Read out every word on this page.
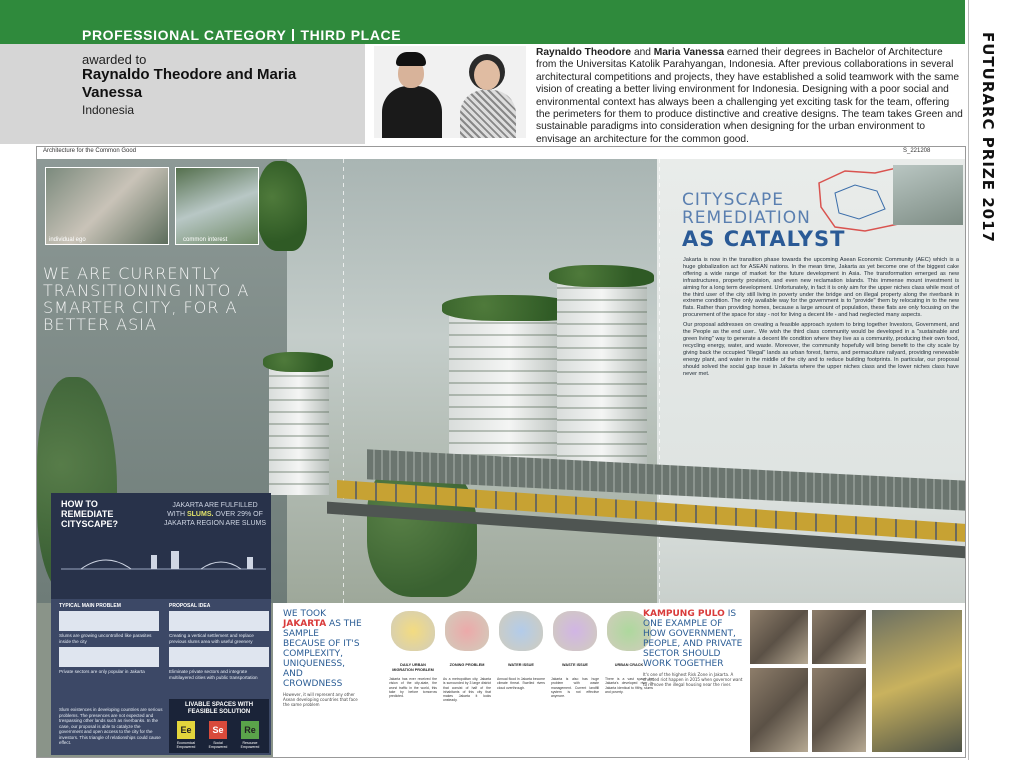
PROFESSIONAL CATEGORY THIRD PLACE	FUTURARC PRIZE 2017
awarded to
Raynaldo Theodore and Maria Vanessa
Indonesia
Raynaldo Theodore and Maria Vanessa earned their degrees in Bachelor of Architecture from the Universitas Katolik Parahyangan, Indonesia. After previous collaborations in several architectural competitions and projects, they have established a solid teamwork with the same vision of creating a better living environment for Indonesia. Designing with a poor social and environmental context has always been a challenging yet exciting task for the team, offering the perimeters for them to produce distinctive and creative designs. The team takes Green and sustainable paradigms into consideration when designing for the urban environment to envisage an architecture for the common good.
Architecture for the Common Good	S_221208
individual ego	common interest
WE ARE CURRENTLY TRANSITIONING INTO A SMARTER CITY, FOR A BETTER ASIA
CITYSCAPE
REMEDIATION
AS CATALYST

Jakarta is now in the transition phase towards the upcoming Asean Economic Community (AEC) which is a huge globalization act for ASEAN nations. In the mean time, Jakarta as yet become one of the biggest cake offering a wide range of market for the future development in Asia. The transformation emerged as new infrastructures, property provision, and even new reclamation islands. This immense mount investment is aiming for a long term development. Unfortunately, in fact it is only aim for the upper niches class while most of the third user of the city still living in poverty under the bridge and on illegal property along the riverbank in extreme condition. The only available way for the government is to "provide" them by relocating in to the new flats. Rather than providing homes, because a large amount of population, these flats are only focusing on the procurement of the space for stay - not for living a decent life - and had neglected many aspects.

Our proposal addresses on creating a feasible approach system to bring together Investors, Government, and the People as the end user.. We wish the third class community would be developed in a "sustainable and green living" way to generate a decent life condition where they live as a community, producing their own food, recycling energy, water, and waste. Moreover, the community hopefully will bring benefit to the city scale by giving back the occupied "illegal" lands as urban forest, farms, and permaculture railyard, providing renewable energy plant, and water in the middle of the city and to reduce building footprints. In particular, our proposal should solved the social gap issue in Jakarta where the upper niches class and the lower niches class have never met.

HOW TO REMEDIATE CITYSCAPE?
JAKARTA ARE FULFILLED WITH SLUMS. OVER 29% OF JAKARTA REGION ARE SLUMS
TYPICAL MAIN PROBLEM	PROPOSAL IDEA
Slums are growing uncontrolled like parasites inside the city
Private sectors are only popular in Jakarta
Creating a vertical settlement and replace previous slums area with useful greenery
Eliminate private sectors and integrate multilayered cities with public transportation
Slum existences in developing countries are serious problems. The presences are not expected and trespassing other lands such as riverbanks. In the case, our proposal is able to catalyze the government and open access to the city for the investors. This triangle of relationships could cause effect.
LIVABLE SPACES WITH FEASIBLE SOLUTION
Ee	Se	Re
Economical Empowered
Social Empowered
Resource Empowered
WE TOOK JAKARTA AS THE SAMPLE BECAUSE OF IT'S COMPLEXITY, UNIQUENESS, AND CROWDNESS
However, it will represent any other Asean developing countries that face the same problem
DAILY URBAN MIGRATION PROBLEM
Jakarta has ever received the vision of the city-state, the worst traffic in the world, this take by before tomorrow predicted.
ZONING PROBLEM
As a metropolitan city, Jakarta is surrounded by 3 large district that consist of half of the inhabitants of this city that makes Jakarta it looks unsteady.
WATER ISSUE
Annual flood in Jakarta become climate threat. Swelled rivers cloud overthrough.
WASTE ISSUE
Jakarta is also has huge problem with waste management. Current landfill system is not effective anymore.
URBAN CRACK
There is a vast space for Jakarta's developed river is Jakarta identical to filthy, slums and poverty.
KAMPUNG PULO IS ONE EXAMPLE OF HOW GOVERNMENT, PEOPLE, AND PRIVATE SECTOR SHOULD WORK TOGETHER
It's one of the highest Risk Zone in Jakarta. A cheated riot happen in 2015 when governor want to remove the illegal housing near the river.
